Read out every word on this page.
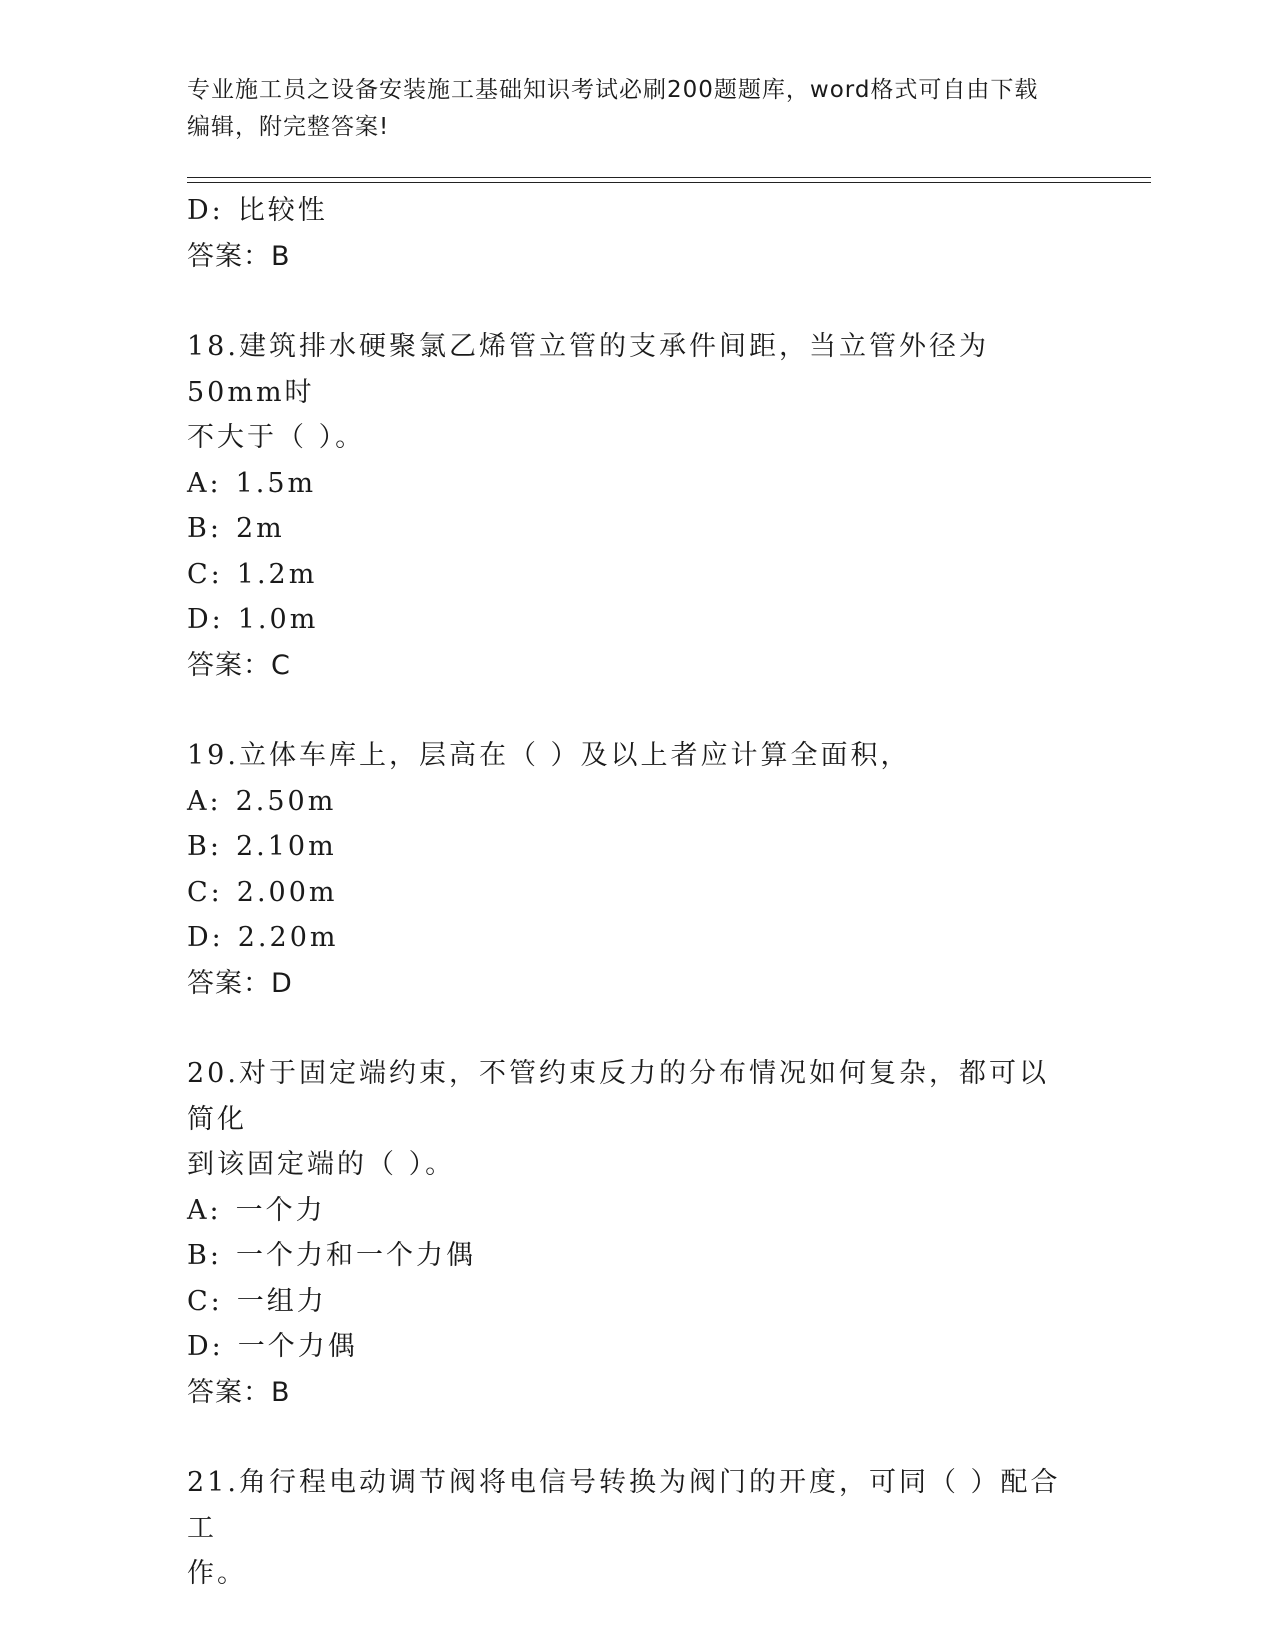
专业施工员之设备安装施工基础知识考试必刷200题题库，word格式可自由下载
编辑，附完整答案!
D: 比较性
答案：B
18.建筑排水硬聚氯乙烯管立管的支承件间距，当立管外径为50mm时
不大于（ ）。
A: 1.5m
B: 2m
C: 1.2m
D: 1.0m
答案：C
19.立体车库上，层高在（ ）及以上者应计算全面积，
A: 2.50m
B: 2.10m
C: 2.00m
D: 2.20m
答案：D
20.对于固定端约束，不管约束反力的分布情况如何复杂，都可以简化
到该固定端的（ ）。
A: 一个力
B: 一个力和一个力偶
C: 一组力
D: 一个力偶
答案：B
21.角行程电动调节阀将电信号转换为阀门的开度，可同（ ）配合工
作。
